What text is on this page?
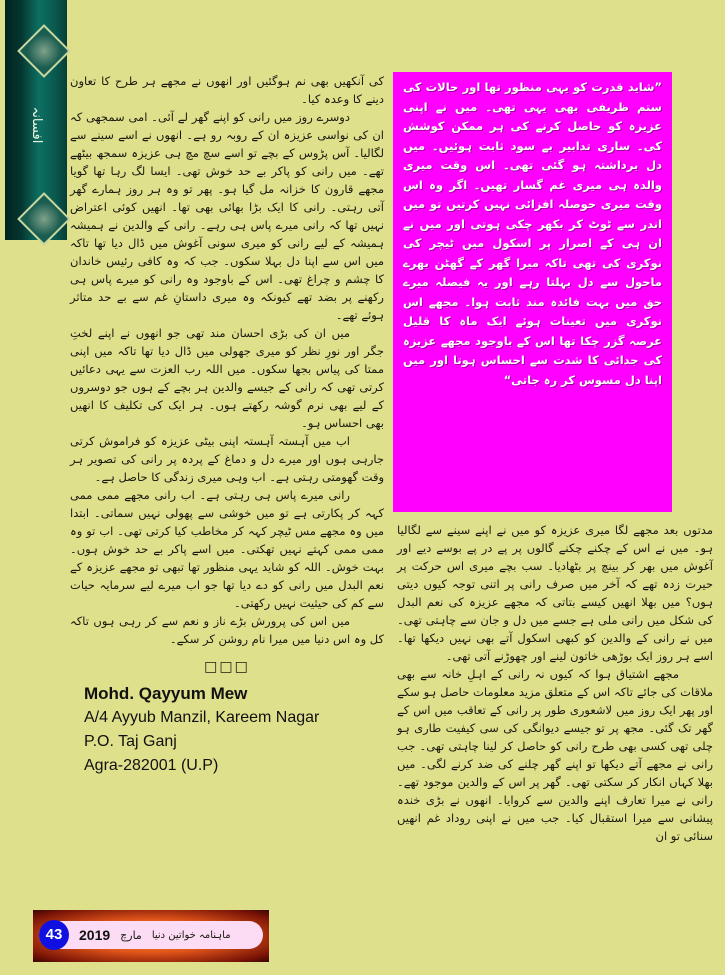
افسانہ

کی آنکھیں بھی نم ہوگئیں اور انھوں نے مجھے ہر طرح کا تعاون دینے کا وعدہ کیا۔

دوسرے روز میں رانی کو اپنے گھر لے آئی۔ امی سمجھی کہ ان کی نواسی عزیزہ ان کے روبہ رو ہے۔ انھوں نے اسے سینے سے لگالیا۔ آس پڑوس کے بچے تو اسے سچ مچ ہی عزیزہ سمجھ بیٹھے تھے۔ میں رانی کو پاکر بے حد خوش تھی۔ ایسا لگ رہا تھا گویا مجھے قارون کا خزانہ مل گیا ہو۔ پھر تو وہ ہر روز ہمارے گھر آتی رہتی۔ رانی کا ایک بڑا بھائی بھی تھا۔ انھیں کوئی اعتراض نہیں تھا کہ رانی میرے پاس ہی رہے۔ رانی کے والدین نے ہمیشہ ہمیشہ کے لیے رانی کو میری سونی آغوش میں ڈال دیا تھا تاکہ میں اس سے اپنا دل بہلا سکوں۔ جب کہ وہ کافی رئیس خاندان کا چشم و چراغ تھی۔ اس کے باوجود وہ رانی کو میرے پاس ہی رکھنے پر بضد تھے کیونکہ وہ میری داستانِ غم سے بے حد متاثر ہوئے تھے۔

میں ان کی بڑی احسان مند تھی جو انھوں نے اپنے لختِ جگر اور نورِ نظر کو میری جھولی میں ڈال دیا تھا تاکہ میں اپنی ممتا کی پیاس بجھا سکوں۔ میں اللہ رب العزت سے یہی دعائیں کرتی تھی کہ رانی کے جیسے والدین ہر بچے کے ہوں جو دوسروں کے لیے بھی نرم گوشہ رکھتے ہوں۔ ہر ایک کی تکلیف کا انھیں بھی احساس ہو۔

اب میں آہستہ آہستہ اپنی بیٹی عزیزہ کو فراموش کرتی جارہی ہوں اور میرے دل و دماغ کے پردہ پر رانی کی تصویر ہر وقت گھومتی رہتی ہے۔ اب وہی میری زندگی کا حاصل ہے۔

رانی میرے پاس ہی رہتی ہے۔ اب رانی مجھے ممی ممی کہہ کر پکارتی ہے تو میں خوشی سے پھولی نہیں سماتی۔ ابتدا میں وہ مجھے مس ٹیچر کہہ کر مخاطب کیا کرتی تھی۔ اب تو وہ ممی ممی کہتے نہیں تھکتی۔ میں اسے پاکر بے حد خوش ہوں۔ بہت خوش۔ اللہ کو شاید یہی منظور تھا تبھی تو مجھے عزیزہ کے نعم البدل میں رانی کو دے دیا تھا جو اب میرے لیے سرمایہ حیات سے کم کی حیثیت نہیں رکھتی۔

میں اس کی پرورش بڑے ناز و نعم سے کر رہی ہوں تاکہ کل وہ اس دنیا میں میرا نام روشن کر سکے۔

□□□
Mohd. Qayyum Mew
A/4 Ayyub Manzil, Kareem Nagar
P.O. Taj Ganj
Agra-282001 (U.P)
43	2019 مارچ ماہنامہ خواتین دنیا

”شاید قدرت کو یہی منظور تھا اور حالات کی ستم ظریفی بھی یہی تھی۔ میں نے اپنی عزیزہ کو حاصل کرنے کی ہر ممکن کوشش کی۔ ساری تدابیر بے سود ثابت ہوئیں۔ میں دل برداشتہ ہو گئی تھی۔ اس وقت میری والدہ ہی میری غم گسار تھیں۔ اگر وہ اس وقت میری حوصلہ افزائی نہیں کرتیں تو میں اندر سے ٹوٹ کر بکھر چکی ہوتی اور میں نے ان ہی کے اصرار پر اسکول میں ٹیچر کی نوکری کی تھی تاکہ میرا گھر کے گھٹن بھرے ماحول سے دل بہلتا رہے اور یہ فیصلہ میرے حق میں بہت فائدہ مند ثابت ہوا۔ مجھے اس نوکری میں تعینات ہوئے ایک ماہ کا قلیل عرصہ گزر چکا تھا اس کے باوجود مجھے عزیزہ کی جدائی کا شدت سے احساس ہوتا اور میں اپنا دل مسوس کر رہ جاتی“

مدتوں بعد مجھے لگا میری عزیزہ کو میں نے اپنے سینے سے لگالیا ہو۔ میں نے اس کے چکنے چکنے گالوں پر پے در پے بوسے دیے اور آغوش میں بھر کر بینچ پر بٹھادیا۔ سب بچے میری اس حرکت پر حیرت زدہ تھے کہ آخر میں صرف رانی پر اتنی توجہ کیوں دیتی ہوں؟ میں بھلا انھیں کیسے بتاتی کہ مجھے عزیزہ کی نعم البدل کی شکل میں رانی ملی ہے جسے میں دل و جان سے چاہتی تھی۔ میں نے رانی کے والدین کو کبھی اسکول آتے بھی نہیں دیکھا تھا۔ اسے ہر روز ایک بوڑھی خاتون لینے اور چھوڑنے آتی تھی۔

مجھے اشتیاق ہوا کہ کیوں نہ رانی کے اہلِ خانہ سے بھی ملاقات کی جائے تاکہ اس کے متعلق مزید معلومات حاصل ہو سکے اور پھر ایک روز میں لاشعوری طور پر رانی کے تعاقب میں اس کے گھر تک گئی۔ مجھ پر تو جیسے دیوانگی کی سی کیفیت طاری ہو چلی تھی کسی بھی طرح رانی کو حاصل کر لینا چاہتی تھی۔ جب رانی نے مجھے آتے دیکھا تو اپنے گھر چلنے کی ضد کرنے لگی۔ میں بھلا کہاں انکار کر سکتی تھی۔ گھر پر اس کے والدین موجود تھے۔ رانی نے میرا تعارف اپنے والدین سے کروایا۔ انھوں نے بڑی خندہ پیشانی سے میرا استقبال کیا۔ جب میں نے اپنی روداد غم انھیں سنائی تو ان
